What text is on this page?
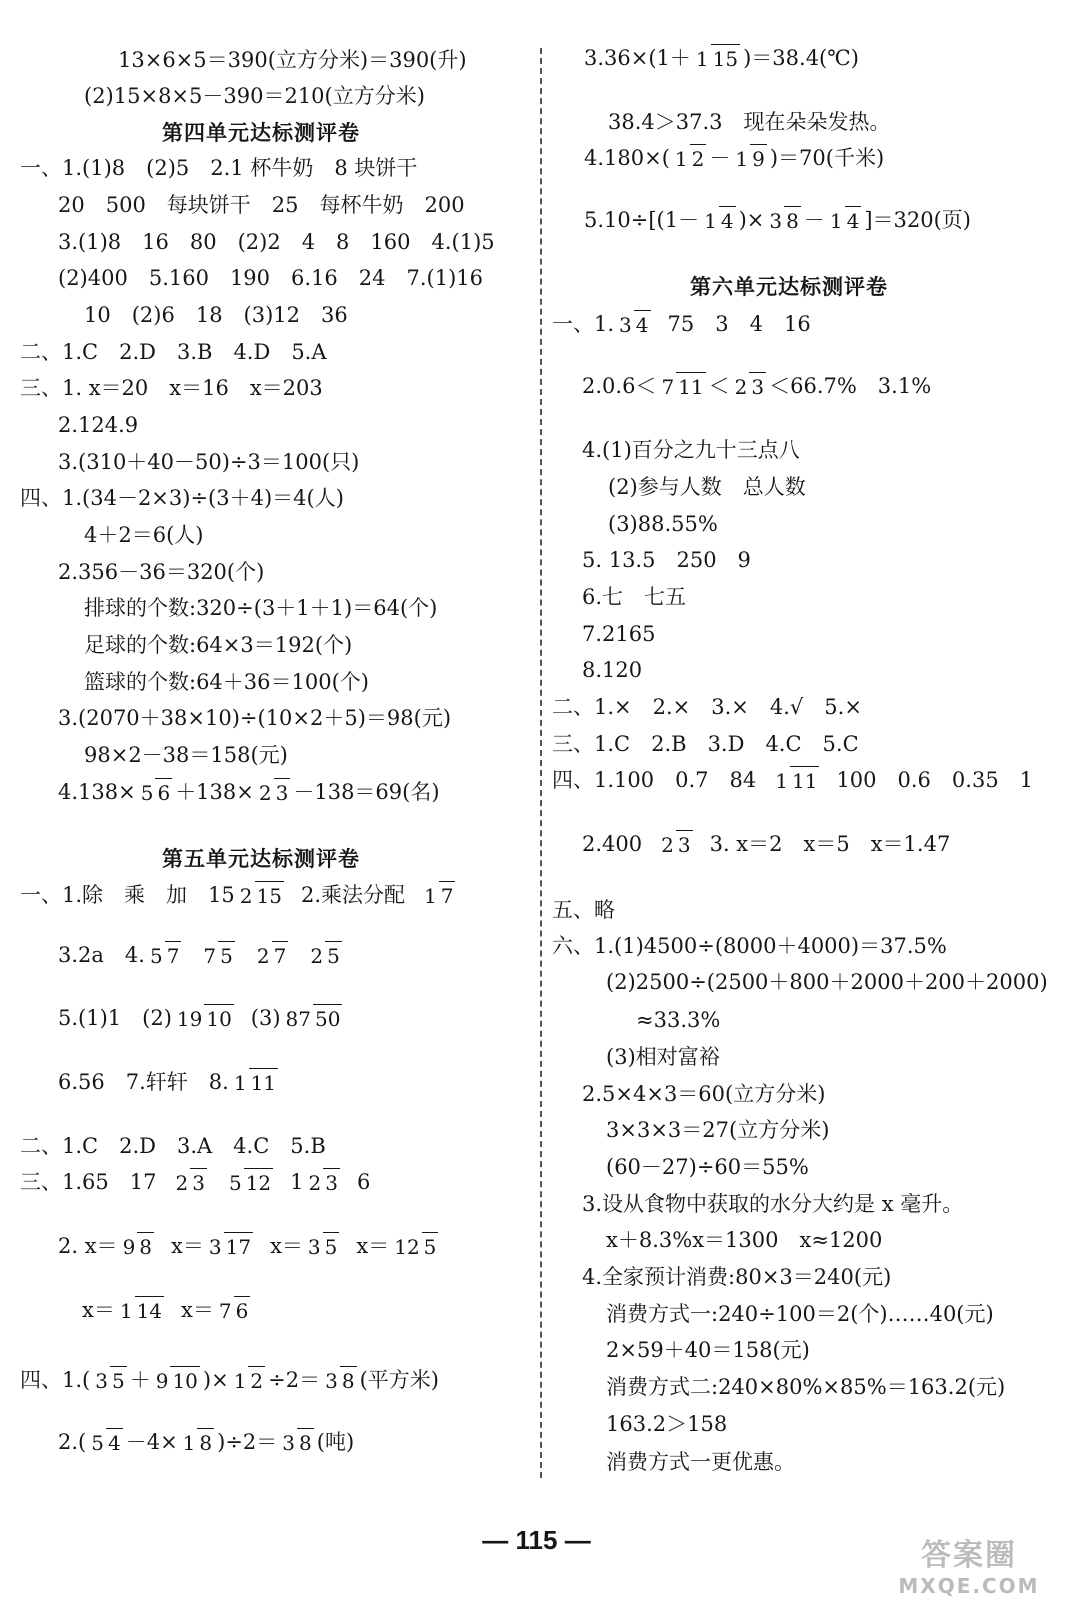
13×6×5＝390(立方分米)＝390(升)
(2)15×8×5－390＝210(立方分米)
第四单元达标测评卷
一、1.(1)8　(2)5　2.1 杯牛奶　8 块饼干
20　500　每块饼干　25　每杯牛奶　200
3.(1)8　16　80　(2)2　4　8　160　4.(1)5
(2)400　5.160　190　6.16　24　7.(1)16
10　(2)6　18　(3)12　36
二、1.C　2.D　3.B　4.D　5.A
三、1. x＝20　x＝16　x＝203
2.124.9
3.(310＋40－50)÷3＝100(只)
四、1.(34－2×3)÷(3＋4)＝4(人)
4＋2＝6(人)
2.356－36＝320(个)
排球的个数:320÷(3＋1＋1)＝64(个)
足球的个数:64×3＝192(个)
篮球的个数:64＋36＝100(个)
3.(2070＋38×10)÷(10×2＋5)＝98(元)
98×2－38＝158(元)
4.138× 5 6 ＋138× 2 3 －138＝69(名)
第五单元达标测评卷
一、1.除　乘　加　15 2 15 2.乘法分配 1 7
3.2a　4. 5 7 7 5 2 7 2 5
5.(1)1　(2) 19 10 (3) 87 50
6.56　7.轩轩　8. 1 11
二、1.C　2.D　3.A　4.C　5.B
三、1.65　17 2 3 5 12 1 2 3 6
2. x＝ 9 8 x＝ 3 17 x＝ 3 5 x＝ 12 5
x＝ 1 14 x＝ 7 6
四、1.( 3 5 ＋ 9 10 )× 1 2 ÷2＝ 3 8 (平方米)
2.( 5 4 －4× 1 8 )÷2＝ 3 8 (吨)
3.36×(1＋ 1 15 )＝38.4(℃)
38.4＞37.3　现在朵朵发热。
4.180×( 1 2 － 1 9 )＝70(千米)
5.10÷[(1－ 1 4 )× 3 8 － 1 4 ]＝320(页)
第六单元达标测评卷
一、1. 3 4 75　3　4　16
2.0.6＜ 7 11 ＜ 2 3 ＜66.7%　3.1%
4.(1)百分之九十三点八
(2)参与人数　总人数
(3)88.55%
5. 13.5　250　9
6.七　七五
7.2165
8.120
二、1.×　2.×　3.×　4.√　5.×
三、1.C　2.B　3.D　4.C　5.C
四、1.100　0.7　84 1 11 100　0.6　0.35　1
2.400 2 3 3. x＝2　x＝5　x＝1.47
五、略
六、1.(1)4500÷(8000＋4000)＝37.5%
(2)2500÷(2500＋800＋2000＋200＋2000)
≈33.3%
(3)相对富裕
2.5×4×3＝60(立方分米)
3×3×3＝27(立方分米)
(60－27)÷60＝55%
3.设从食物中获取的水分大约是 x 毫升。
x＋8.3%x＝1300　x≈1200
4.全家预计消费:80×3＝240(元)
消费方式一:240÷100＝2(个)……40(元)
2×59＋40＝158(元)
消费方式二:240×80%×85%＝163.2(元)
163.2＞158
消费方式一更优惠。
— 115 —	答案圈
MXQE.COM
